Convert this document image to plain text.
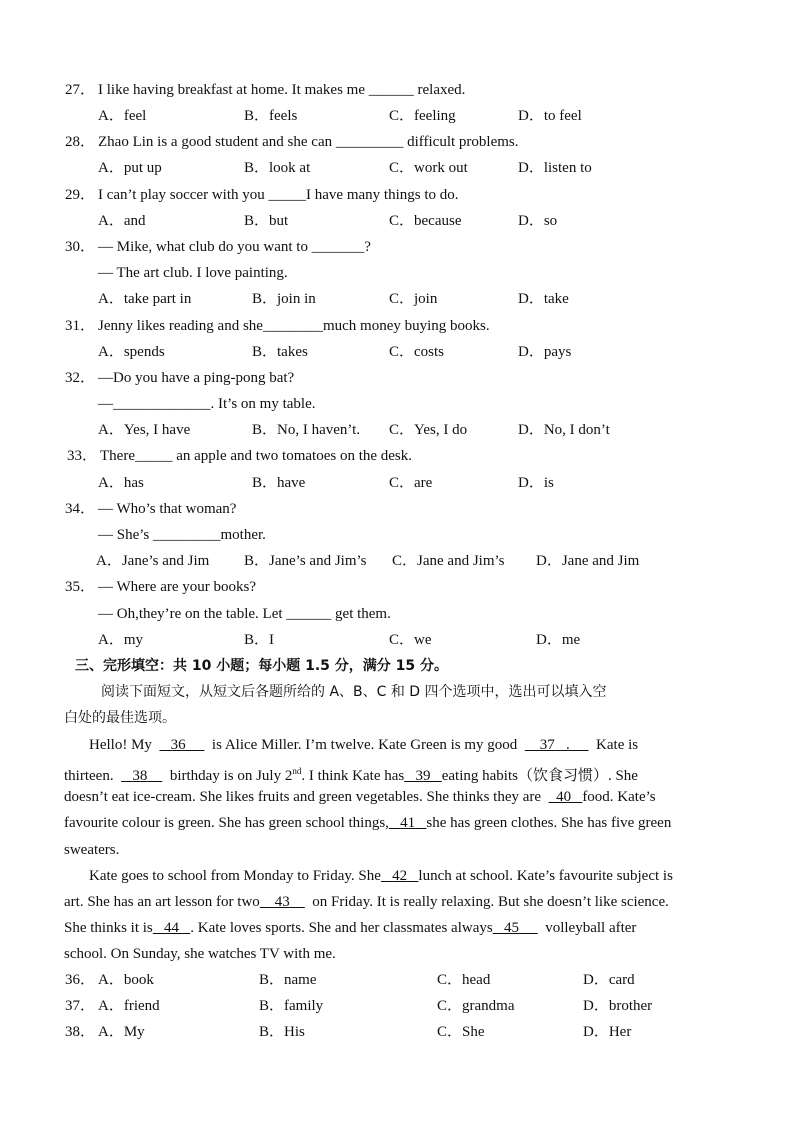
27． I like having breakfast at home. It makes me ______ relaxed.
A．feel	B．feels	C．feeling	D．to feel
28． Zhao Lin is a good student and she can _________ difficult problems.
A．put up	B．look at	C．work out	D．listen to
29． I can’t play soccer with you _____I have many things to do.
A．and	B．but	C．because	D．so
30． — Mike, what club do you want to _______?
— The art club. I love painting.
A．take part in	B．join in	C．join	D．take
31． Jenny likes reading and she________much money buying books.
A．spends	B．takes	C．costs	D．pays
32． —Do you have a ping-pong bat?
—_____________. It’s on my table.
A．Yes, I have	B．No, I haven’t. C．Yes, I do	D．No, I don’t
33． There_____ an apple and two tomatoes on the desk.
A．has	B．have	C．are	D．is
34． — Who’s that woman?
— She’s _________mother.
A．Jane’s and Jim B．Jane’s and Jim’s C．Jane and Jim’s D．Jane and Jim
35． — Where are your books?
— Oh,they’re on the table. Let ______ get them.
A．my	B．I	C．we	D．me
三、完形填空：共 10 小题；每小题 1.5 分，满分 15 分。
阅读下面短文，从短文后各题所给的 A、B、C 和 D 四个选项中，选出可以填入空
白处的最佳选项。
Hello! My 36 is Alice Miller. I’m twelve. Kate Green is my good 37   .       Kate is
thirteen. 38 birthday is on July 2nd. I think Kate has 39 eating habits（饮食习惯）. She
doesn’t eat ice-cream. She likes fruits and green vegetables. She thinks they are 40 food. Kate’s
favourite colour is green. She has green school things, 41 she has green clothes. She has five green
sweaters.
Kate goes to school from Monday to Friday. She 42 lunch at school. Kate’s favourite subject is
art. She has an art lesson for two 43 on Friday. It is really relaxing. But she doesn’t like science.
She thinks it is 44 . Kate loves sports. She and her classmates always 45 volleyball after
school. On Sunday, she watches TV with me.
36． A．book	B．name	C．head	D．card
37． A．friend	B．family	C．grandma	D．brother
38． A．My	B．His	C．She	D．Her
